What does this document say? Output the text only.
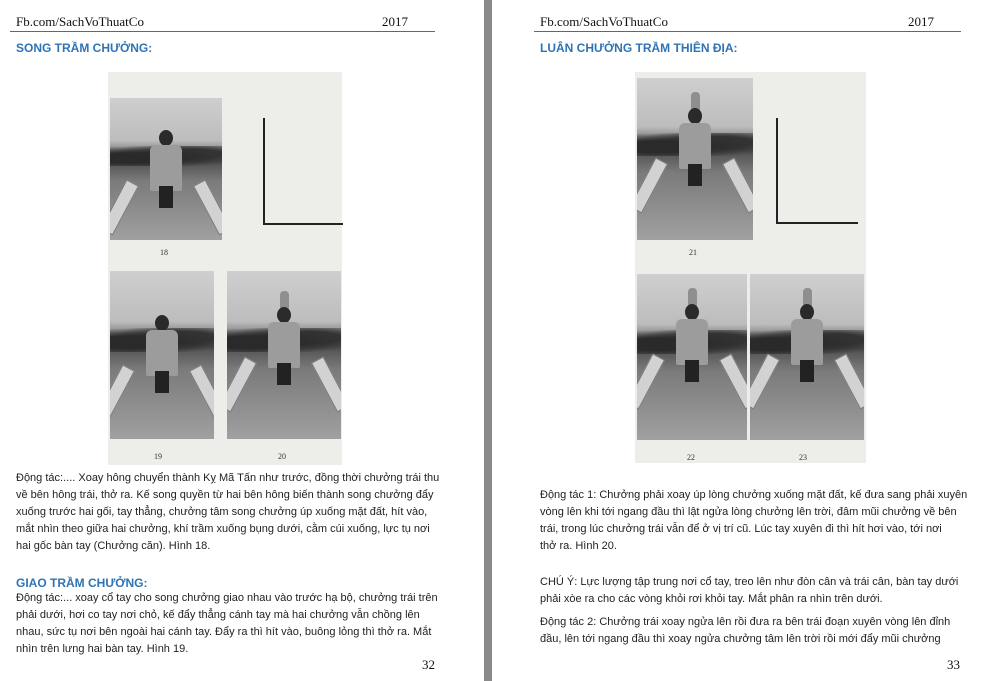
Fb.com/SachVoThuatCo	2017
SONG TRẦM CHƯỞNG:
18
19	20

Động tác:.... Xoay hông chuyển thành Kỵ Mã Tấn như trước, đồng thời chưởng trái thu

về bên hông trái, thở ra. Kế song quyền từ hai bên hông biến thành song chưởng đẩy

xuống trước hai gối, tay thẳng, chưởng tâm song chưởng úp xuống mặt đất, hít vào,

mắt nhìn theo giữa hai chưởng, khí trầm xuống bụng dưới, cằm cúi xuống, lực tụ nơi

hai gốc bàn tay (Chưởng căn). Hình 18.

GIAO TRẦM CHƯỞNG:

Động tác:... xoay cổ tay cho song chưởng giao nhau vào trước hạ bộ, chưởng trái trên

phải dưới, hơi co tay nơi chỏ, kế đẩy thẳng cánh tay mà hai chưởng vẫn chồng lên

nhau, sức tụ nơi bên ngoài hai cánh tay. Đẩy ra thì hít vào, buông lỏng thì thở ra. Mắt

nhìn trên lưng hai bàn tay. Hình 19.

32
Fb.com/SachVoThuatCo	2017
LUÂN CHƯỞNG TRẦM THIÊN ĐỊA:
21
22	23

Động tác 1: Chưởng phải xoay úp lòng chưởng xuống mặt đất, kế đưa sang phải xuyên

vòng lên khi tới ngang đầu thì lật ngửa lòng chưởng lên trời, đâm mũi chưởng về bên

trái, trong lúc chưởng trái vẫn để ở vị trí cũ. Lúc tay xuyên đi thì hít hơi vào, tới nơi

thở ra. Hình 20.

CHÚ Ý: Lực lượng tập trung nơi cổ tay, treo lên như đòn cân và trái cân, bàn tay dưới

phải xòe ra cho các vòng khỏi rơi khỏi tay. Mắt phân ra nhìn trên dưới.

Động tác 2: Chưởng trái xoay ngửa lên rồi đưa ra bên trái đoạn xuyên vòng lên đỉnh

đầu, lên tới ngang đầu thì xoay ngửa chưởng tâm lên trời rồi mới đẩy mũi chưởng

33
